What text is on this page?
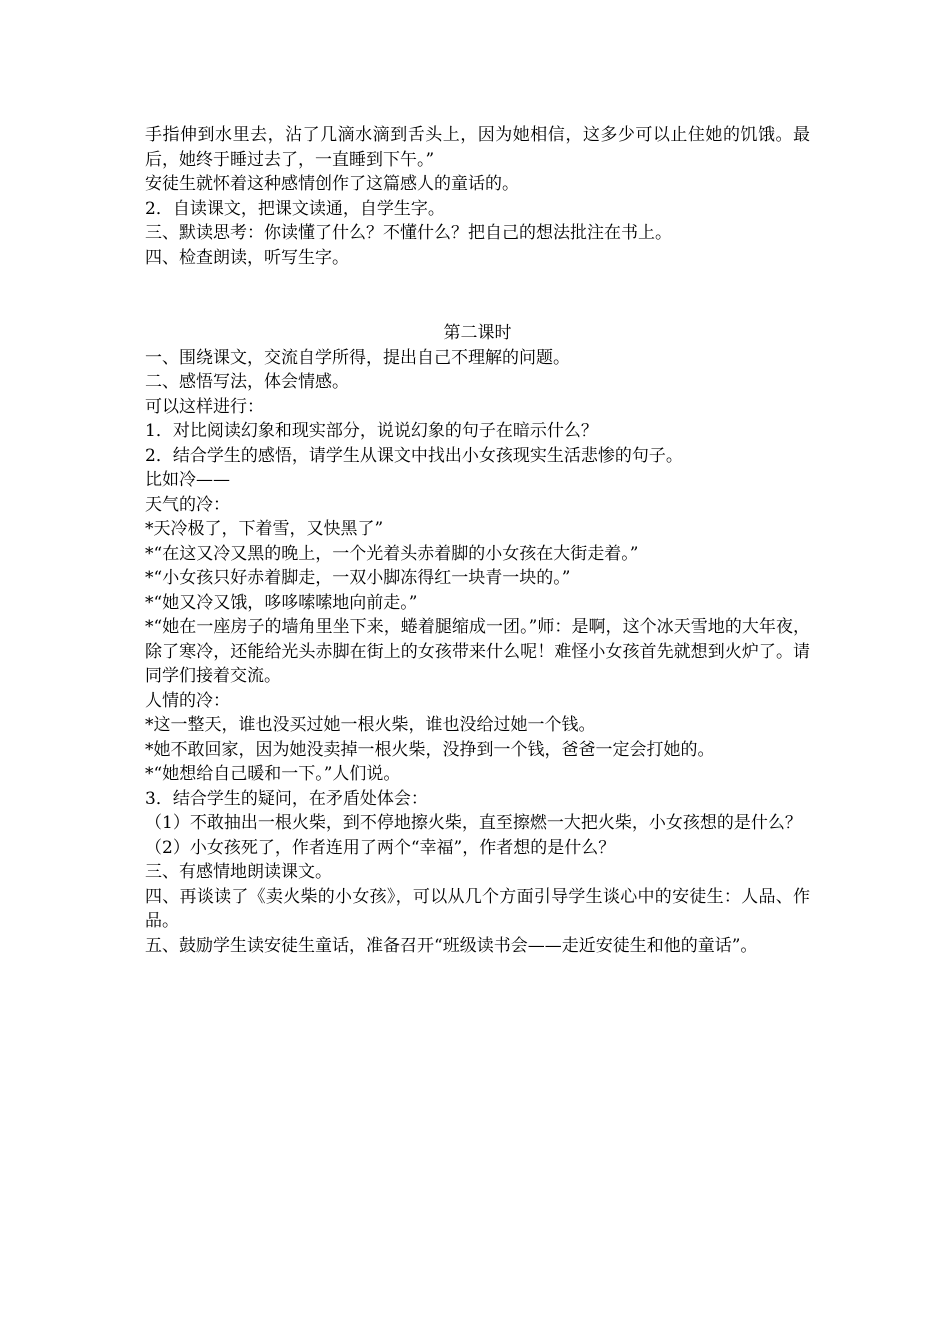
手指伸到水里去，沾了几滴水滴到舌头上，因为她相信，这多少可以止住她的饥饿。最后，她终于睡过去了，一直睡到下午。”

安徒生就怀着这种感情创作了这篇感人的童话的。

2．自读课文，把课文读通，自学生字。

三、默读思考：你读懂了什么？不懂什么？把自己的想法批注在书上。

四、检查朗读，听写生字。

第二课时

一、围绕课文，交流自学所得，提出自己不理解的问题。

二、感悟写法，体会情感。

可以这样进行：

1．对比阅读幻象和现实部分，说说幻象的句子在暗示什么？

2．结合学生的感悟，请学生从课文中找出小女孩现实生活悲惨的句子。

比如冷——

天气的冷：

*天冷极了，下着雪，又快黑了”

*“在这又冷又黑的晚上，一个光着头赤着脚的小女孩在大街走着。”

*“小女孩只好赤着脚走，一双小脚冻得红一块青一块的。”

*“她又冷又饿，哆哆嗦嗦地向前走。”

*“她在一座房子的墙角里坐下来，蜷着腿缩成一团。”师：是啊，这个冰天雪地的大年夜，除了寒冷，还能给光头赤脚在街上的女孩带来什么呢！难怪小女孩首先就想到火炉了。请同学们接着交流。

人情的冷：

*这一整天，谁也没买过她一根火柴，谁也没给过她一个钱。

*她不敢回家，因为她没卖掉一根火柴，没挣到一个钱，爸爸一定会打她的。

*“她想给自己暖和一下。”人们说。

3．结合学生的疑问，在矛盾处体会：

（1）不敢抽出一根火柴，到不停地擦火柴，直至擦燃一大把火柴，小女孩想的是什么？

（2）小女孩死了，作者连用了两个“幸福”，作者想的是什么？

三、有感情地朗读课文。

四、再谈读了《卖火柴的小女孩》，可以从几个方面引导学生谈心中的安徒生：人品、作品。

五、鼓励学生读安徒生童话，准备召开“班级读书会——走近安徒生和他的童话”。
